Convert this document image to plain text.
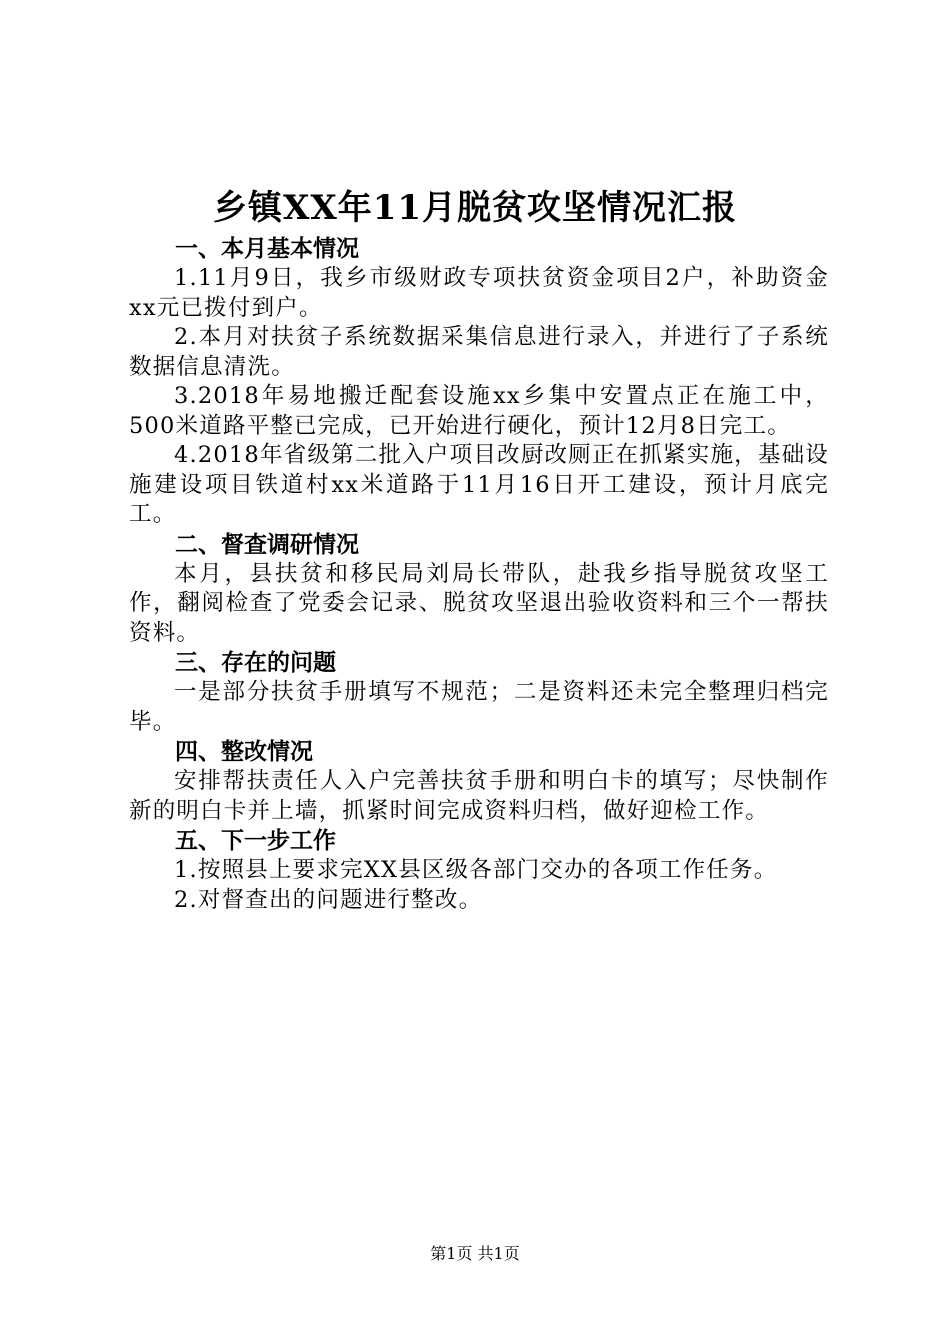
乡镇XX年11月脱贫攻坚情况汇报

一、本月基本情况

1.11月9日，我乡市级财政专项扶贫资金项目2户，补助资金xx元已拨付到户。

2.本月对扶贫子系统数据采集信息进行录入，并进行了子系统数据信息清洗。

3.2018年易地搬迁配套设施xx乡集中安置点正在施工中，500米道路平整已完成，已开始进行硬化，预计12月8日完工。

4.2018年省级第二批入户项目改厨改厕正在抓紧实施，基础设施建设项目铁道村xx米道路于11月16日开工建设，预计月底完工。

二、督查调研情况

本月，县扶贫和移民局刘局长带队，赴我乡指导脱贫攻坚工作，翻阅检查了党委会记录、脱贫攻坚退出验收资料和三个一帮扶资料。

三、存在的问题

一是部分扶贫手册填写不规范；二是资料还未完全整理归档完毕。

四、整改情况

安排帮扶责任人入户完善扶贫手册和明白卡的填写；尽快制作新的明白卡并上墙，抓紧时间完成资料归档，做好迎检工作。

五、下一步工作

1.按照县上要求完XX县区级各部门交办的各项工作任务。

2.对督查出的问题进行整改。

第1页 共1页
